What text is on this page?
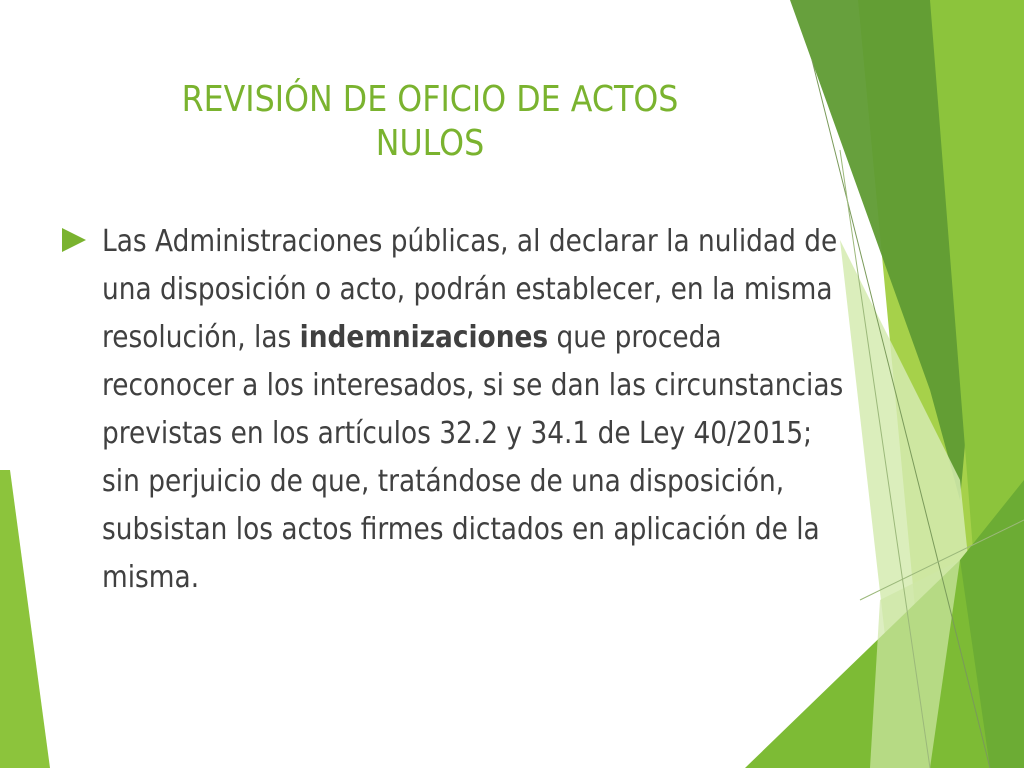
REVISIÓN DE OFICIO DE ACTOS
NULOS

Las Administraciones públicas, al declarar la nulidad de una disposición o acto, podrán establecer, en la misma resolución, las indemnizaciones que proceda reconocer a los interesados, si se dan las circunstancias previstas en los artículos 32.2 y 34.1 de Ley 40/2015; sin perjuicio de que, tratándose de una disposición, subsistan los actos firmes dictados en aplicación de la misma.
